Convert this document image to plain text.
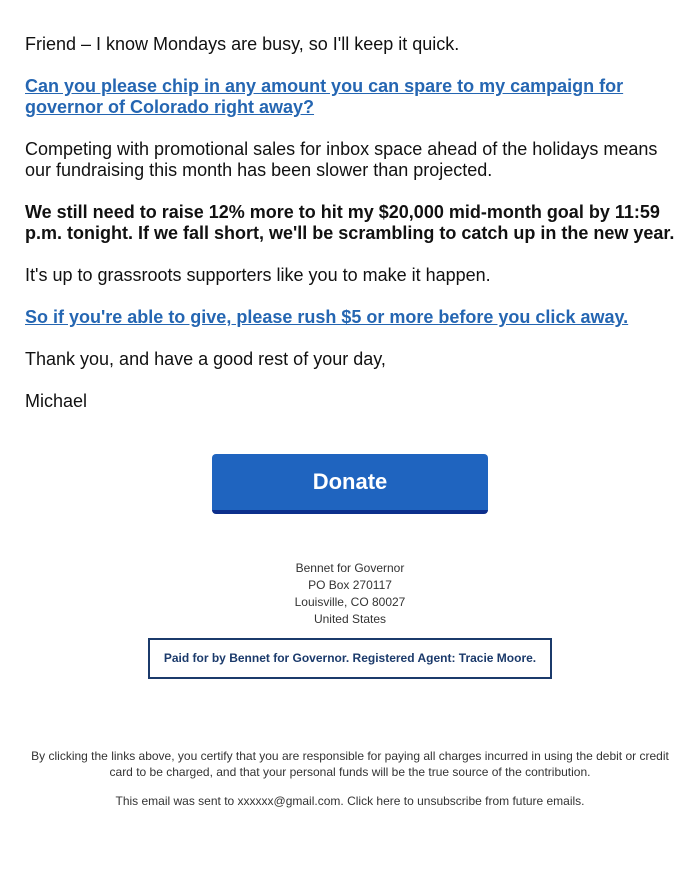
Friend – I know Mondays are busy, so I'll keep it quick.

Can you please chip in any amount you can spare to my campaign for governor of Colorado right away?

Competing with promotional sales for inbox space ahead of the holidays means our fundraising this month has been slower than projected.

We still need to raise 12% more to hit my $20,000 mid-month goal by 11:59 p.m. tonight. If we fall short, we'll be scrambling to catch up in the new year.

It's up to grassroots supporters like you to make it happen.

So if you're able to give, please rush $5 or more before you click away.

Thank you, and have a good rest of your day,

Michael

Donate
Bennet for Governor
PO Box 270117
Louisville, CO 80027
United States
Paid for by Bennet for Governor. Registered Agent: Tracie Moore.

By clicking the links above, you certify that you are responsible for paying all charges incurred in using the debit or credit card to be charged, and that your personal funds will be the true source of the contribution.

This email was sent to xxxxxx@gmail.com. Click here to unsubscribe from future emails.
